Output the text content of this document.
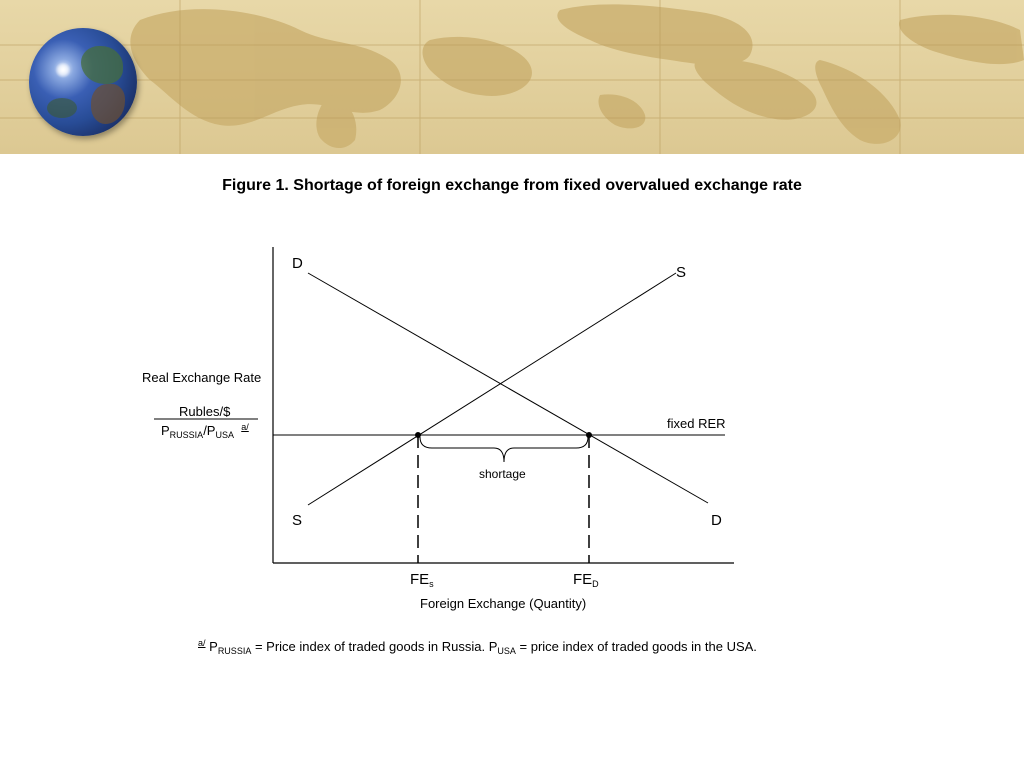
Figure 1. Shortage of foreign exchange from fixed overvalued exchange rate
D
S
S	D
Real Exchange Rate
Rubles/$
$P_{RUSSIA}/P_{USA}$  $^{a/}$	fixed RER
shortage
$FE_s$	$FE_D$
Foreign Exchange (Quantity)
$^{a/}$ $P_{RUSSIA}$ = Price index of traded goods in Russia. $P_{USA}$ = price index of traded goods in the USA.
